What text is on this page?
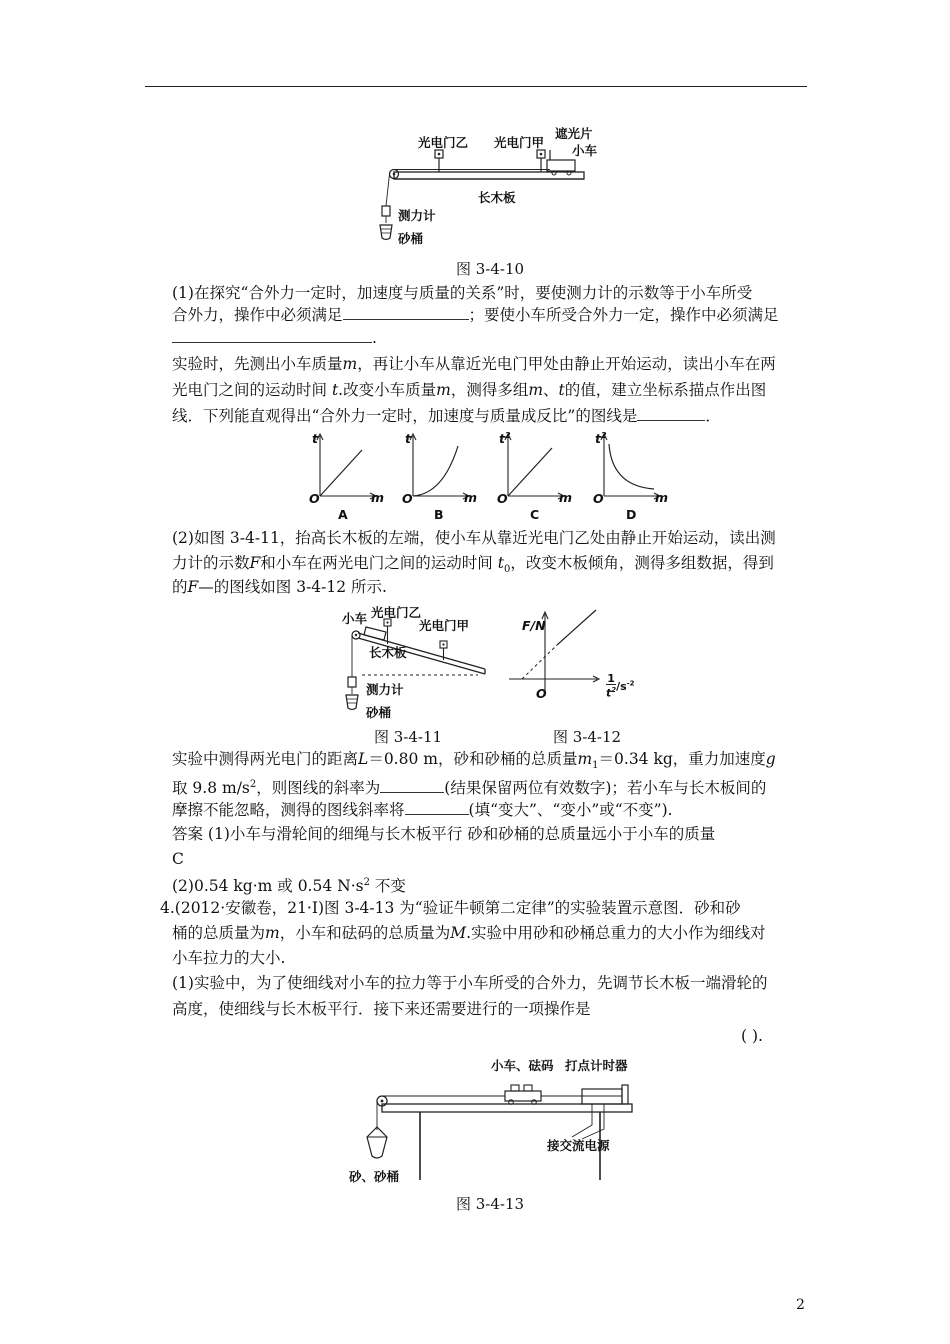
光电门乙 光电门甲
遮光片
小车
长木板
测力计
砂桶
图 3-4-10
(1)在探究“合外力一定时，加速度与质量的关系”时，要使测力计的示数等于小车所受
合外力，操作中必须满足	；要使小车所受合外力一定，操作中必须满足
.
实验时，先测出小车质量m，再让小车从靠近光电门甲处由静止开始运动，读出小车在两
光电门之间的运动时间 t.改变小车质量m，测得多组m、t的值，建立坐标系描点作出图
线．下列能直观得出“合外力一定时，加速度与质量成反比”的图线是	．
t
O	m
A
t
O	m
B
$t^2$
O	m
C
$t^2$
O	m
D
(2)如图 3-4-11，抬高长木板的左端，使小车从靠近光电门乙处由静止开始运动，读出测
力计的示数F和小车在两光电门之间的运动时间 $t_0$，改变木板倾角，测得多组数据，得到
的F—的图线如图 3-4-12 所示.
小车 光电门乙
光电门甲
长木板
测力计
砂桶
图 3-4-11
F/N
O	$\frac{1}{t^2} /s^{-2}$
图 3-4-12
实验中测得两光电门的距离L＝0.80 m，砂和砂桶的总质量$m_1=0.34$ kg，重力加速度g
取 9.8 $m/s^2$，则图线的斜率为	(结果保留两位有效数字)；若小车与长木板间的
摩擦不能忽略，测得的图线斜率将	(填“变大”、“变小”或“不变”).
答案 (1)小车与滑轮间的细绳与长木板平行 砂和砂桶的总质量远小于小车的质量
C
(2)0.54 kg·m 或 0.54 $N\cdot s^2$ 不变
4.(2012·安徽卷，21·Ⅰ)图 3-4-13 为“验证牛顿第二定律”的实验装置示意图．砂和砂
桶的总质量为m，小车和砝码的总质量为M.实验中用砂和砂桶总重力的大小作为细线对
小车拉力的大小.
(1)实验中，为了使细线对小车的拉力等于小车所受的合外力，先调节长木板一端滑轮的
高度，使细线与长木板平行．接下来还需要进行的一项操作是
( ).
小车、砝码 打点计时器
接交流电源
砂、砂桶
图 3-4-13
2
